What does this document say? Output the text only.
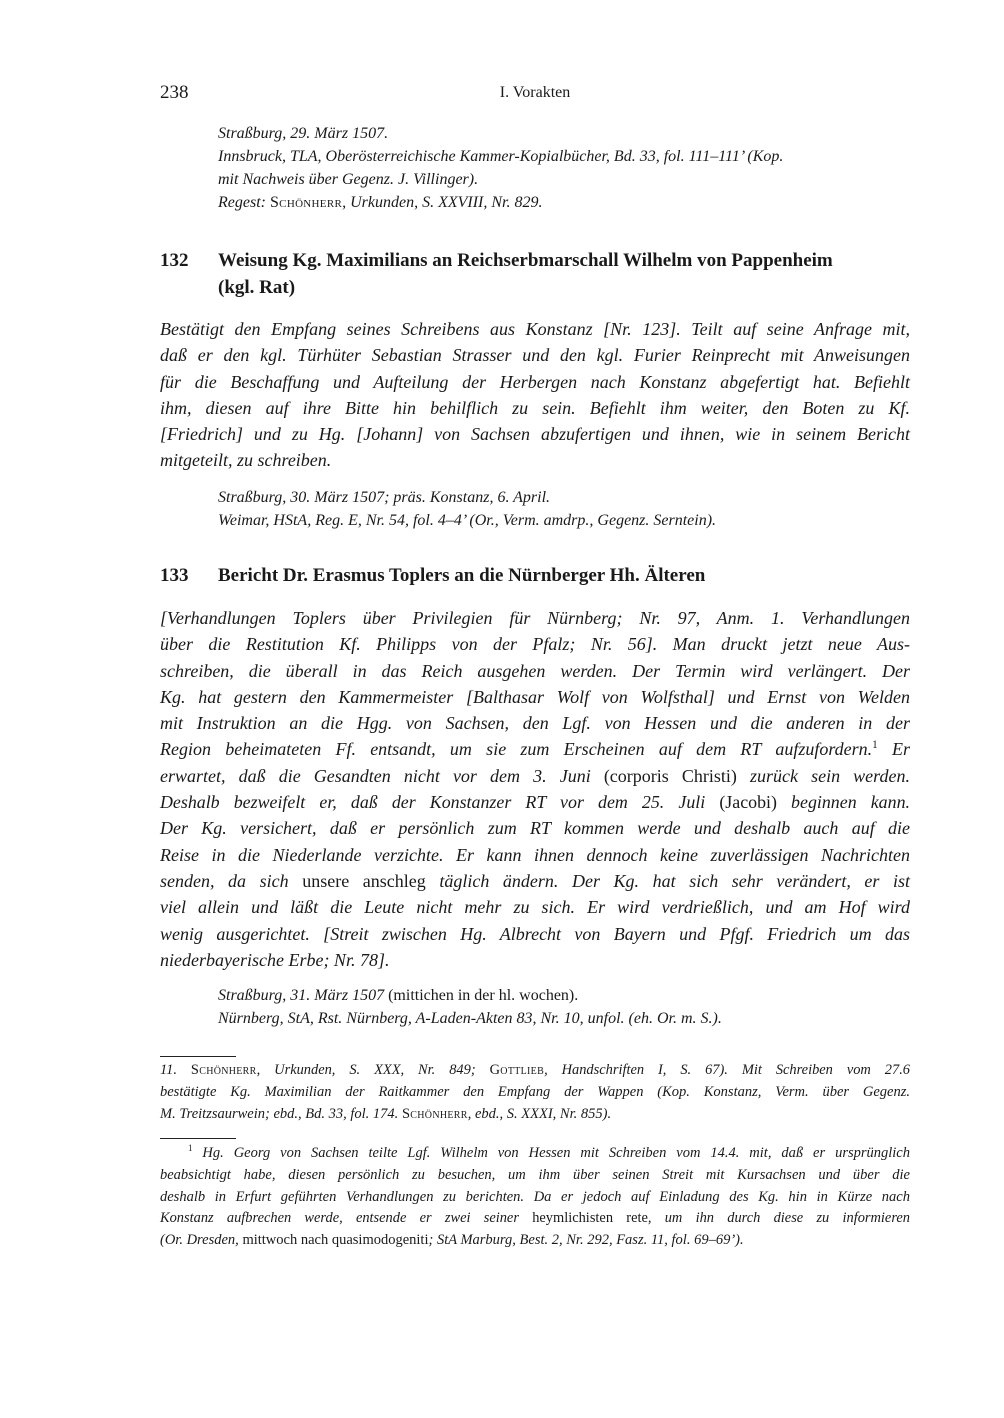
238	I. Vorakten
Straßburg, 29. März 1507.
Innsbruck, TLA, Oberösterreichische Kammer-Kopialbücher, Bd. 33, fol. 111–111’ (Kop.
mit Nachweis über Gegenz. J. Villinger).
Regest: Schönherr, Urkunden, S. XXVIII, Nr. 829.
132 Weisung Kg. Maximilians an Reichserbmarschall Wilhelm von Pappenheim
(kgl. Rat)
Bestätigt den Empfang seines Schreibens aus Konstanz [Nr. 123]. Teilt auf seine Anfrage mit,
daß er den kgl. Türhüter Sebastian Strasser und den kgl. Furier Reinprecht mit Anweisungen
für die Beschaffung und Aufteilung der Herbergen nach Konstanz abgefertigt hat. Befiehlt
ihm, diesen auf ihre Bitte hin behilflich zu sein. Befiehlt ihm weiter, den Boten zu Kf.
[Friedrich] und zu Hg. [Johann] von Sachsen abzufertigen und ihnen, wie in seinem Bericht
mitgeteilt, zu schreiben.
Straßburg, 30. März 1507; präs. Konstanz, 6. April.
Weimar, HStA, Reg. E, Nr. 54, fol. 4–4’ (Or., Verm. amdrp., Gegenz. Serntein).
133 Bericht Dr. Erasmus Toplers an die Nürnberger Hh. Älteren
[Verhandlungen Toplers über Privilegien für Nürnberg; Nr. 97, Anm. 1. Verhandlungen
über die Restitution Kf. Philipps von der Pfalz; Nr. 56]. Man druckt jetzt neue Aus-
schreiben, die überall in das Reich ausgehen werden. Der Termin wird verlängert. Der
Kg. hat gestern den Kammermeister [Balthasar Wolf von Wolfsthal] und Ernst von Welden
mit Instruktion an die Hgg. von Sachsen, den Lgf. von Hessen und die anderen in der
Region beheimateten Ff. entsandt, um sie zum Erscheinen auf dem RT aufzufordern.$^1$ Er
erwartet, daß die Gesandten nicht vor dem 3. Juni (corporis Christi) zurück sein werden.
Deshalb bezweifelt er, daß der Konstanzer RT vor dem 25. Juli (Jacobi) beginnen kann.
Der Kg. versichert, daß er persönlich zum RT kommen werde und deshalb auch auf die
Reise in die Niederlande verzichte. Er kann ihnen dennoch keine zuverlässigen Nachrichten
senden, da sich unsere anschleg täglich ändern. Der Kg. hat sich sehr verändert, er ist
viel allein und läßt die Leute nicht mehr zu sich. Er wird verdrießlich, und am Hof wird
wenig ausgerichtet. [Streit zwischen Hg. Albrecht von Bayern und Pfgf. Friedrich um das
niederbayerische Erbe; Nr. 78].
Straßburg, 31. März 1507 (mittichen in der hl. wochen).
Nürnberg, StA, Rst. Nürnberg, A-Laden-Akten 83, Nr. 10, unfol. (eh. Or. m. S.).
11. Schönherr, Urkunden, S. XXX, Nr. 849; Gottlieb, Handschriften I, S. 67). Mit Schreiben vom 27.6
bestätigte Kg. Maximilian der Raitkammer den Empfang der Wappen (Kop. Konstanz, Verm. über Gegenz.
M. Treitzsaurwein; ebd., Bd. 33, fol. 174. Schönherr, ebd., S. XXXI, Nr. 855).
$^1$ Hg. Georg von Sachsen teilte Lgf. Wilhelm von Hessen mit Schreiben vom 14.4. mit, daß er ursprünglich
beabsichtigt habe, diesen persönlich zu besuchen, um ihm über seinen Streit mit Kursachsen und über die
deshalb in Erfurt geführten Verhandlungen zu berichten. Da er jedoch auf Einladung des Kg. hin in Kürze nach
Konstanz aufbrechen werde, entsende er zwei seiner heymlichisten rete, um ihn durch diese zu informieren
(Or. Dresden, mittwoch nach quasimodogeniti; StA Marburg, Best. 2, Nr. 292, Fasz. 11, fol. 69–69’).
